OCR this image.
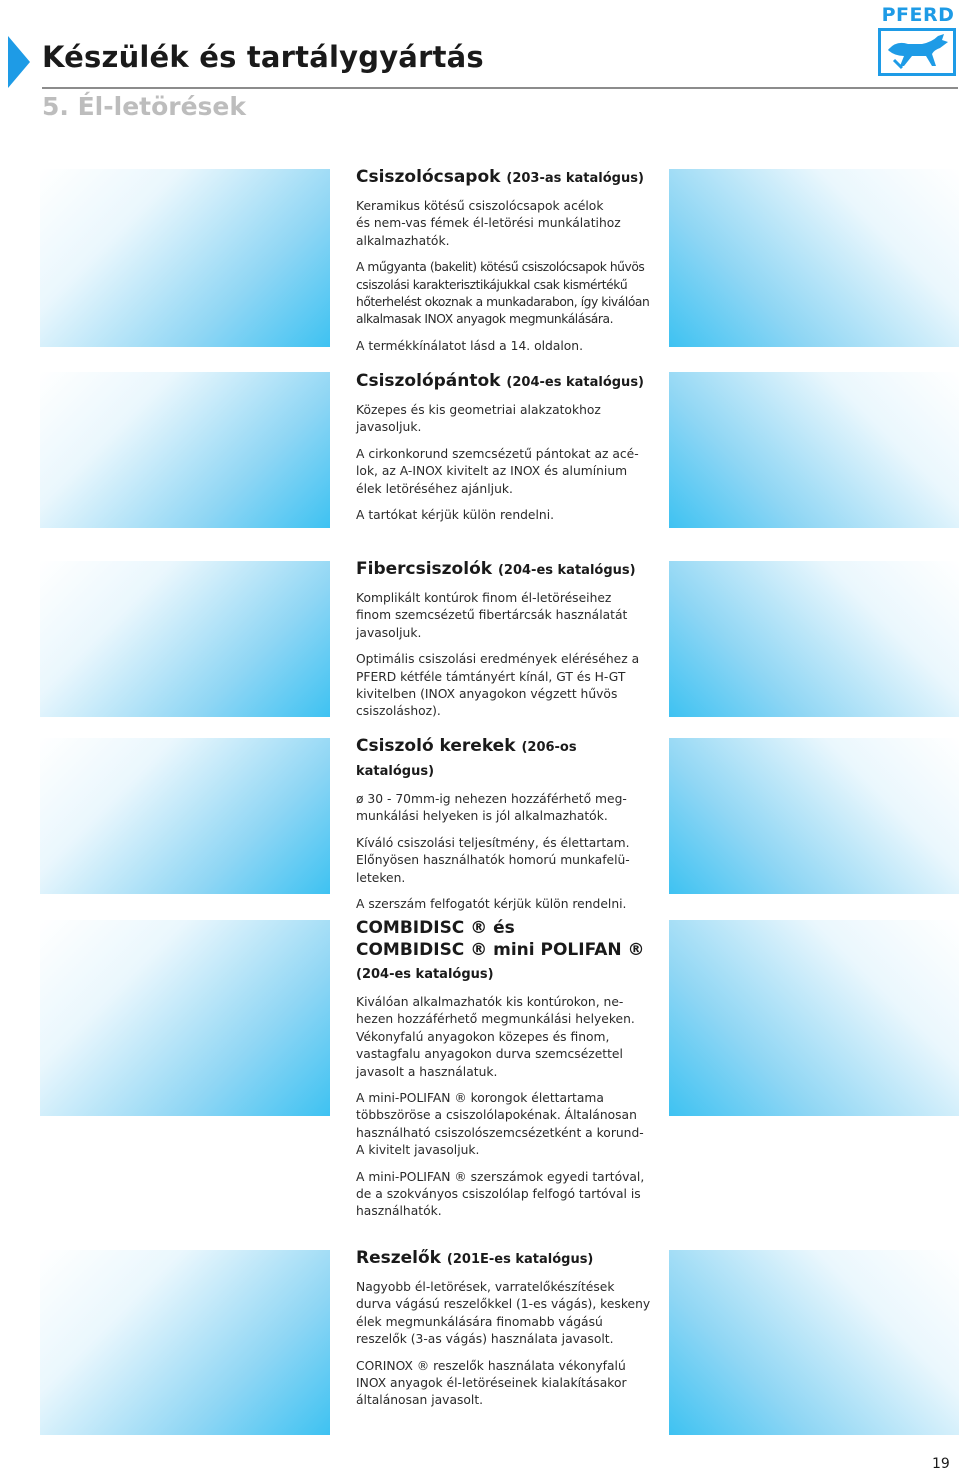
Készülék és tartálygyártás
5. Él-letörések
PFERD
Csiszolócsapok (203-as katalógus)

Keramikus kötésű csiszolócsapok acélok
és nem-vas fémek él-letörési munkálatihoz
alkalmazhatók.

A műgyanta (bakelit) kötésű csiszolócsapok hűvös
csiszolási karakterisztikájukkal csak kismértékű
hőterhelést okoznak a munkadarabon, így kiválóan
alkalmasak INOX anyagok megmunkálására.

A termékkínálatot lásd a 14. oldalon.

Csiszolópántok (204-es katalógus)

Közepes és kis geometriai alakzatokhoz
javasoljuk.

A cirkonkorund szemcsézetű pántokat az acé-
lok, az A-INOX kivitelt az INOX és alumínium
élek letöréséhez ajánljuk.

A tartókat kérjük külön rendelni.

Fibercsiszolók (204-es katalógus)

Komplikált kontúrok finom él-letöréseihez
finom szemcsézetű fibertárcsák használatát
javasoljuk.

Optimális csiszolási eredmények eléréséhez a
PFERD kétféle támtányért kínál, GT és H-GT
kivitelben (INOX anyagokon végzett hűvös
csiszoláshoz).

Csiszoló kerekek (206-os katalógus)

ø 30 - 70mm-ig nehezen hozzáférhető meg-
munkálási helyeken is jól alkalmazhatók.

Kíváló csiszolási teljesítmény, és élettartam.
Előnyösen használhatók homorú munkafelü-
leteken.

A szerszám felfogatót kérjük külön rendelni.

COMBIDISC ® és
COMBIDISC ® mini POLIFAN ®
(204-es katalógus)

Kiválóan alkalmazhatók kis kontúrokon, ne-
hezen hozzáférhető megmunkálási helyeken.
Vékonyfalú anyagokon közepes és finom,
vastagfalu anyagokon durva szemcsézettel
javasolt a használatuk.

A mini-POLIFAN ® korongok élettartama
többszöröse a csiszolólapokénak. Általánosan
használható csiszolószemcsézetként a korund-
A kivitelt javasoljuk.

A mini-POLIFAN ® szerszámok egyedi tartóval,
de a szokványos csiszolólap felfogó tartóval is
használhatók.

Reszelők (201E-es katalógus)

Nagyobb él-letörések, varratelőkészítések
durva vágású reszelőkkel (1-es vágás), keskeny
élek megmunkálására finomabb vágású
reszelők (3-as vágás) használata javasolt.

CORINOX ® reszelők használata vékonyfalú
INOX anyagok él-letöréseinek kialakításakor
általánosan javasolt.

19
